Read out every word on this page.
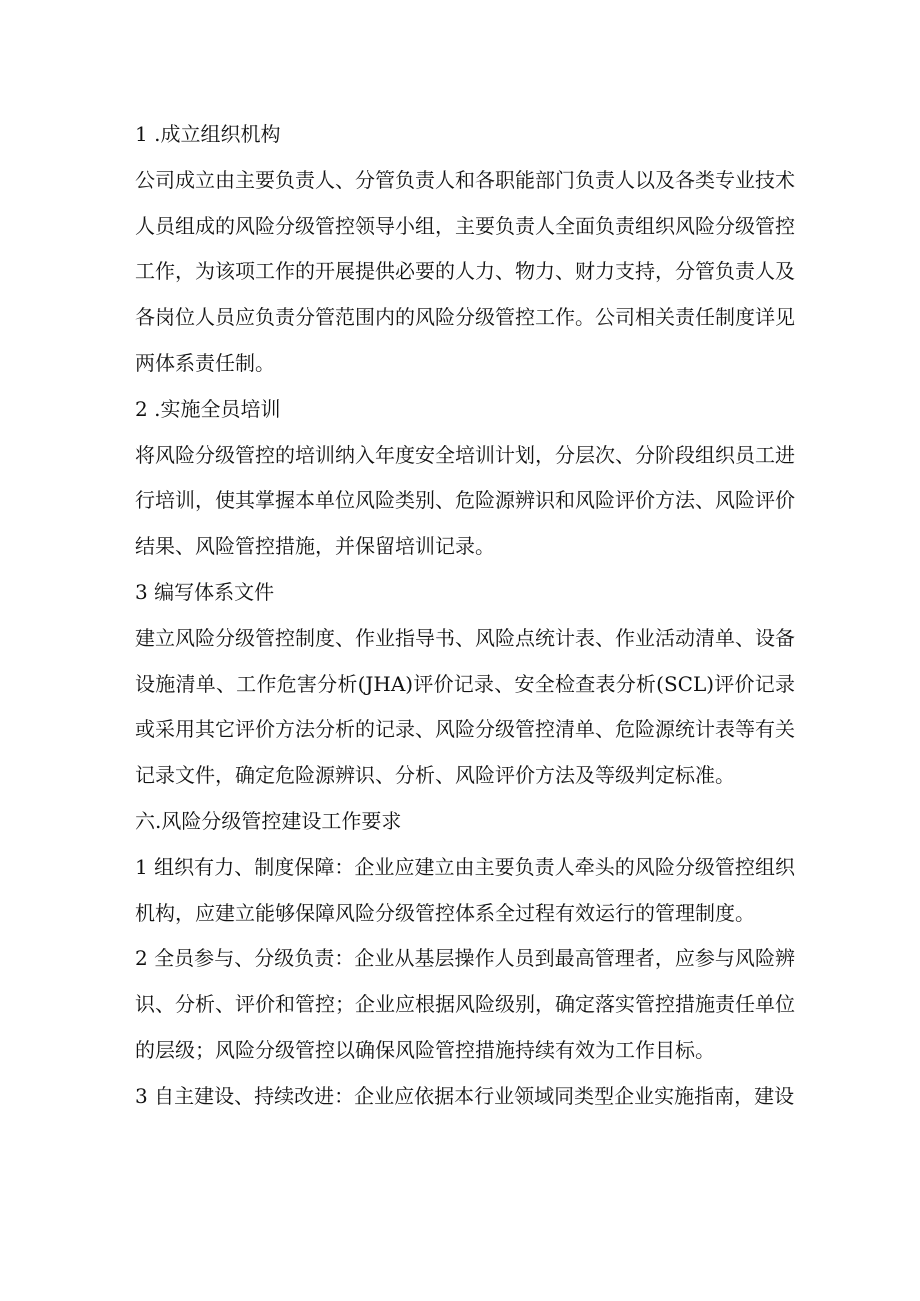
1 .成立组织机构

公司成立由主要负责人、分管负责人和各职能部门负责人以及各类专业技术人员组成的风险分级管控领导小组，主要负责人全面负责组织风险分级管控工作，为该项工作的开展提供必要的人力、物力、财力支持，分管负责人及各岗位人员应负责分管范围内的风险分级管控工作。公司相关责任制度详见两体系责任制。

2 .实施全员培训

将风险分级管控的培训纳入年度安全培训计划，分层次、分阶段组织员工进行培训，使其掌握本单位风险类别、危险源辨识和风险评价方法、风险评价结果、风险管控措施，并保留培训记录。

3 编写体系文件

建立风险分级管控制度、作业指导书、风险点统计表、作业活动清单、设备设施清单、工作危害分析(JHA)评价记录、安全检查表分析(SCL)评价记录或采用其它评价方法分析的记录、风险分级管控清单、危险源统计表等有关记录文件，确定危险源辨识、分析、风险评价方法及等级判定标准。

六.风险分级管控建设工作要求

1 组织有力、制度保障：企业应建立由主要负责人牵头的风险分级管控组织机构，应建立能够保障风险分级管控体系全过程有效运行的管理制度。

2 全员参与、分级负责：企业从基层操作人员到最高管理者，应参与风险辨识、分析、评价和管控；企业应根据风险级别，确定落实管控措施责任单位的层级；风险分级管控以确保风险管控措施持续有效为工作目标。

3 自主建设、持续改进：企业应依据本行业领域同类型企业实施指南，建设
